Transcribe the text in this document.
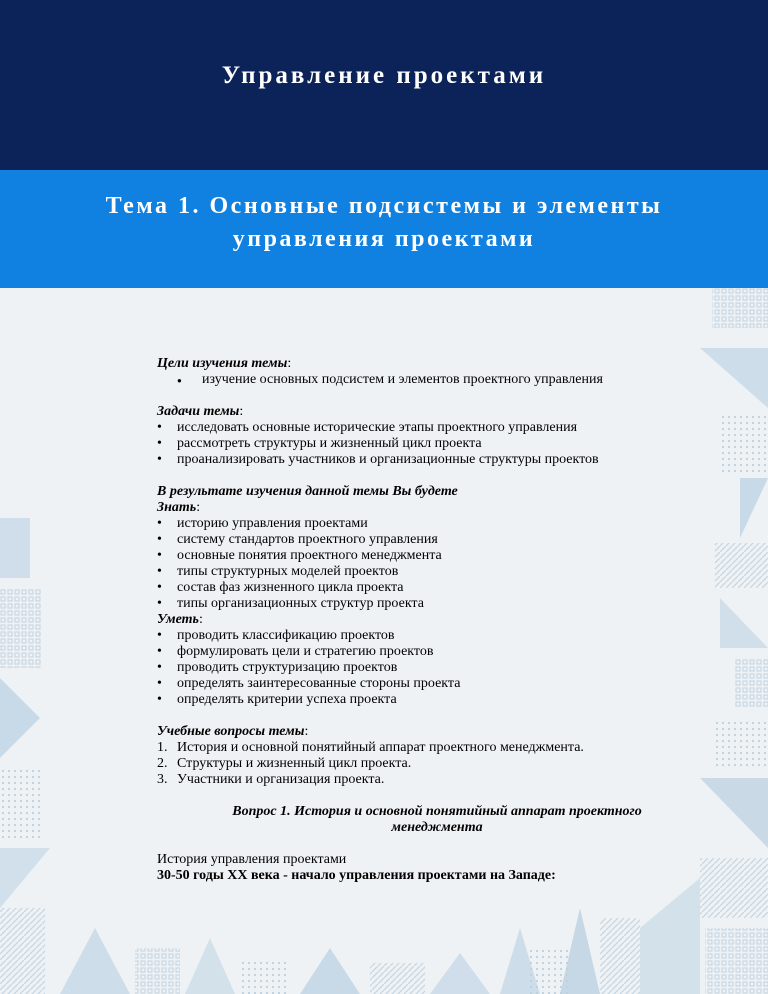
Управление проектами
Тема 1. Основные подсистемы и элементы
управления проектами

Цели изучения темы:

● изучение основных подсистем и элементов проектного управления

Задачи темы:

• исследовать основные исторические этапы проектного управления
• рассмотреть структуры и жизненный цикл проекта
• проанализировать участников и организационные структуры проектов

В результате изучения данной темы Вы будете

Знать:

• историю управления проектами
• систему стандартов проектного управления
• основные понятия проектного менеджмента
• типы структурных моделей проектов
• состав фаз жизненного цикла проекта
• типы организационных структур проекта

Уметь:

• проводить классификацию проектов
• формулировать цели и стратегию проектов
• проводить структуризацию проектов
• определять заинтересованные стороны проекта
• определять критерии успеха проекта

Учебные вопросы темы:

1. История и основной понятийный аппарат проектного менеджмента.
2. Структуры и жизненный цикл проекта.
3. Участники и организация проекта.
Вопрос 1. История и основной понятийный аппарат проектного
менеджмента

История управления проектами

30-50 годы XX века - начало управления проектами на Западе:
